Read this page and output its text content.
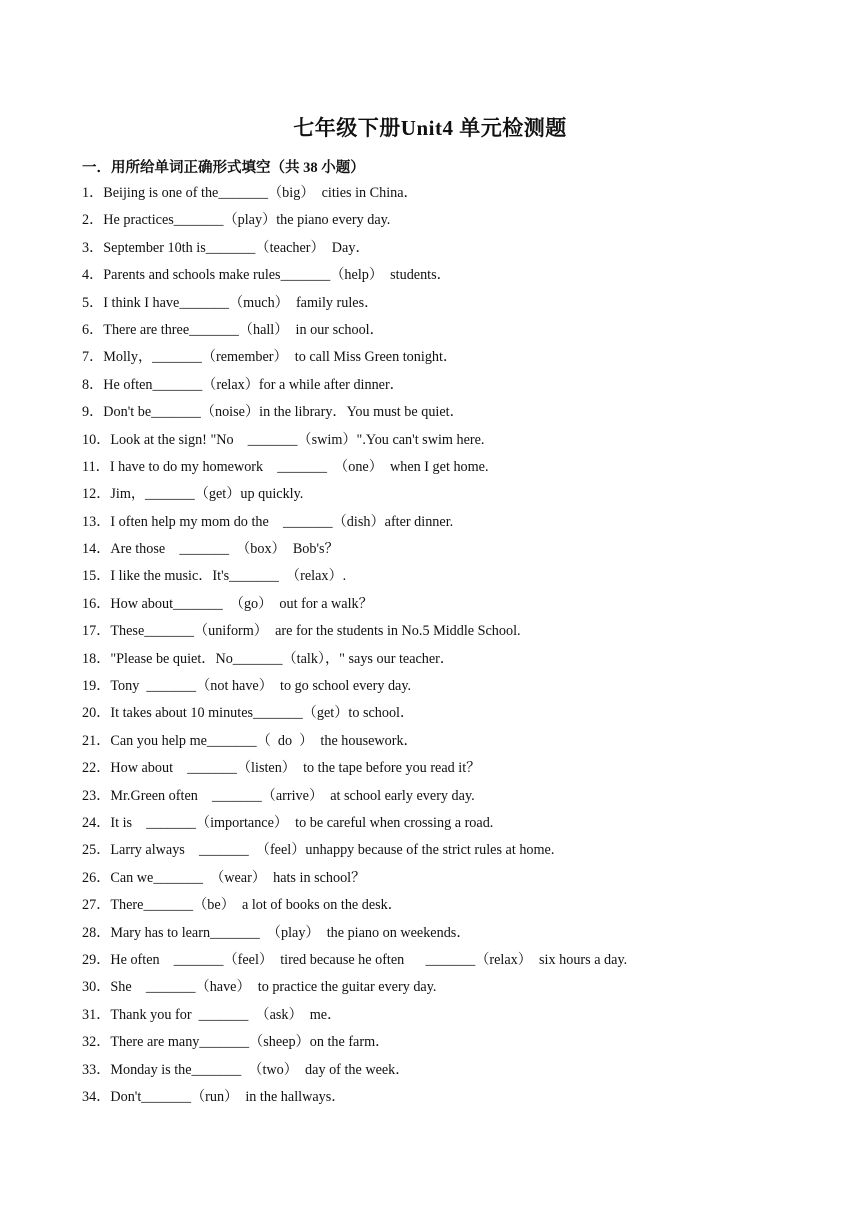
七年级下册Unit4 单元检测题
一．用所给单词正确形式填空（共 38 小题）
1．Beijing is one of the_______（big）  cities in China．
2．He practices_______（play）the piano every day.
3．September 10th is_______（teacher）  Day．
4．Parents and schools make rules_______（help）  students．
5．I think I have_______（much）  family rules．
6．There are three_______（hall）  in our school．
7．Molly，_______（remember）  to call Miss Green tonight．
8．He often_______（relax）for a while after dinner．
9．Don't be_______（noise）in the library．You must be quiet．
10．Look at the sign! "No    _______（swim）".You can't swim here.
11．I have to do my homework    _______  （one）  when I get home.
12．Jim，_______（get）up quickly.
13．I often help my mom do the    _______（dish）after dinner.
14．Are those    _______  （box）  Bob's？
15．I like the music．It's_______  （relax）.
16．How about_______  （go）  out for a walk？
17．These_______（uniform）  are for the students in No.5 Middle School.
18．"Please be quiet．No_______（talk），" says our teacher．
19．Tony  _______（not have）  to go school every day.
20．It takes about 10 minutes_______（get）to school．
21．Can you help me_______（  do  ）  the housework．
22．How about    _______（listen）  to the tape before you read it？
23．Mr.Green often    _______（arrive）  at school early every day.
24．It is    _______（importance）  to be careful when crossing a road.
25．Larry always    _______  （feel）unhappy because of the strict rules at home.
26．Can we_______  （wear）  hats in school？
27．There_______（be）  a lot of books on the desk．
28．Mary has to learn_______  （play）  the piano on weekends．
29．He often    _______（feel）  tired because he often      _______（relax）  six hours a day.
30．She    _______（have）  to practice the guitar every day.
31．Thank you for  _______  （ask）  me．
32．There are many_______（sheep）on the farm．
33．Monday is the_______  （two）  day of the week．
34．Don't_______（run）  in the hallways．
